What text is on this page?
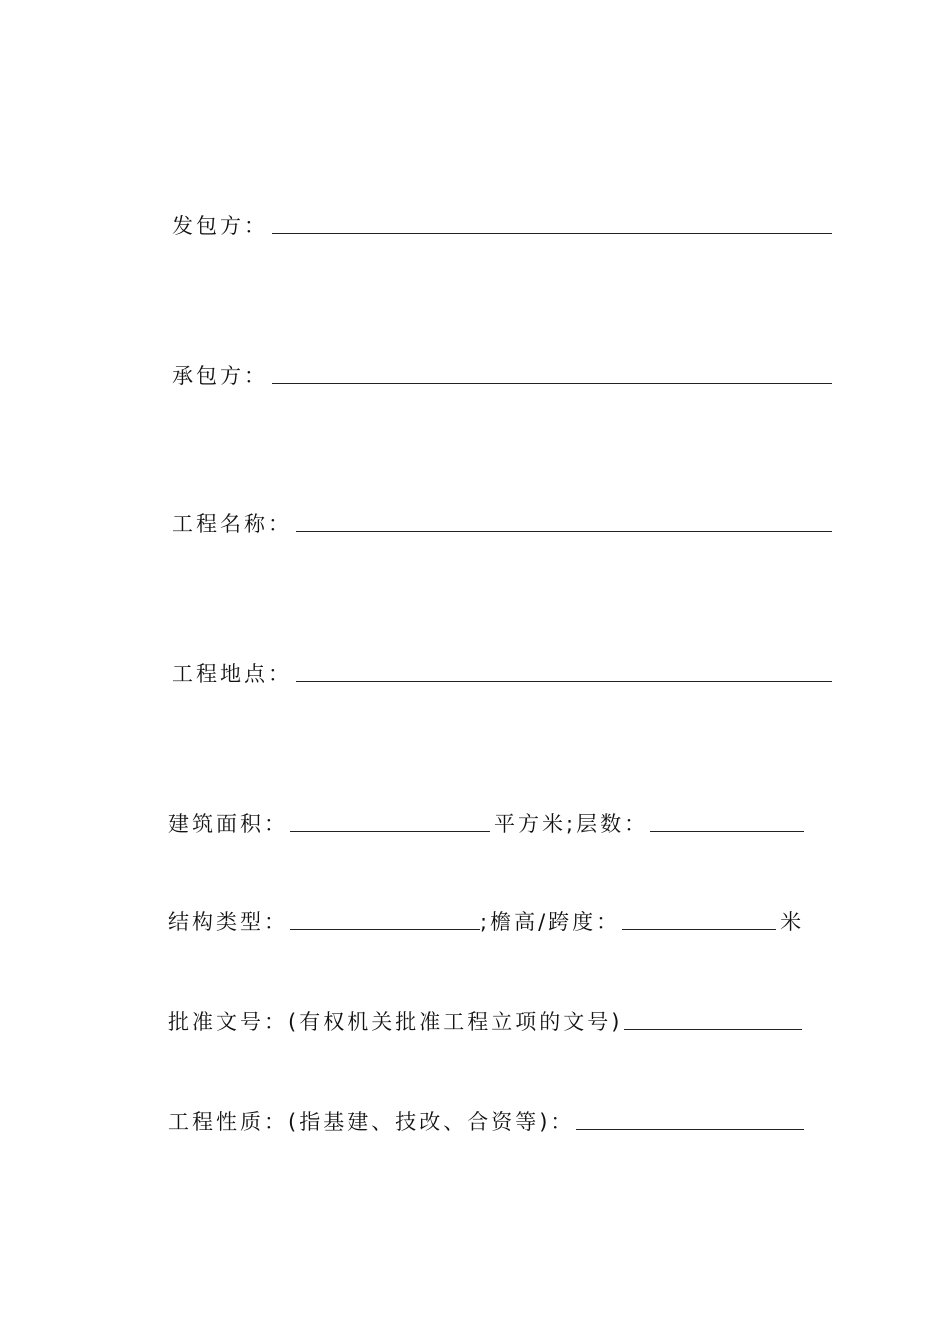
发包方：
承包方：
工程名称：
工程地点：
建筑面积：	平方米;层数：
结构类型：	;檐高/跨度：	米
批准文号：(有权机关批准工程立项的文号)
工程性质：(指基建、技改、合资等)：
